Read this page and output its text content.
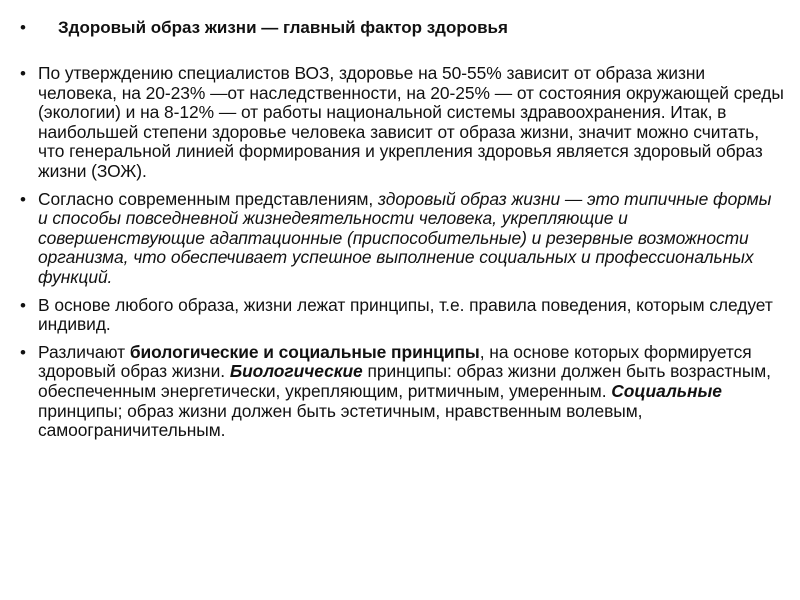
•	Здоровый образ жизни — главный фактор здоровья
• По утверждению специалистов ВОЗ, здоровье на 50-55% зависит от образа жизни человека, на 20-23% —от наследственности, на 20-25% — от состояния окружающей среды (экологии) и на 8-12% — от работы национальной системы здравоохранения. Итак, в наибольшей степени здоровье человека зависит от образа жизни, значит можно считать, что генеральной линией формирования и укрепления здоровья является здоровый образ жизни (ЗОЖ).
• Согласно современным представлениям, здоровый образ жизни — это типичные формы и способы повседневной жизнедеятельности человека, укрепляющие и совершенствующие адаптационные (приспособительные) и резервные возможности организма, что обеспечивает успешное выполнение социальных и профессиональных функций.
• В основе любого образа, жизни лежат принципы, т.е. правила поведения, которым следует индивид.
• Различают биологические и социальные принципы, на основе которых формируется здоровый образ жизни. Биологические принципы: образ жизни должен быть возрастным, обеспеченным энергетически, укрепляющим, ритмичным, умеренным. Социальные принципы; образ жизни должен быть эстетичным, нравственным волевым, самоограничительным.
